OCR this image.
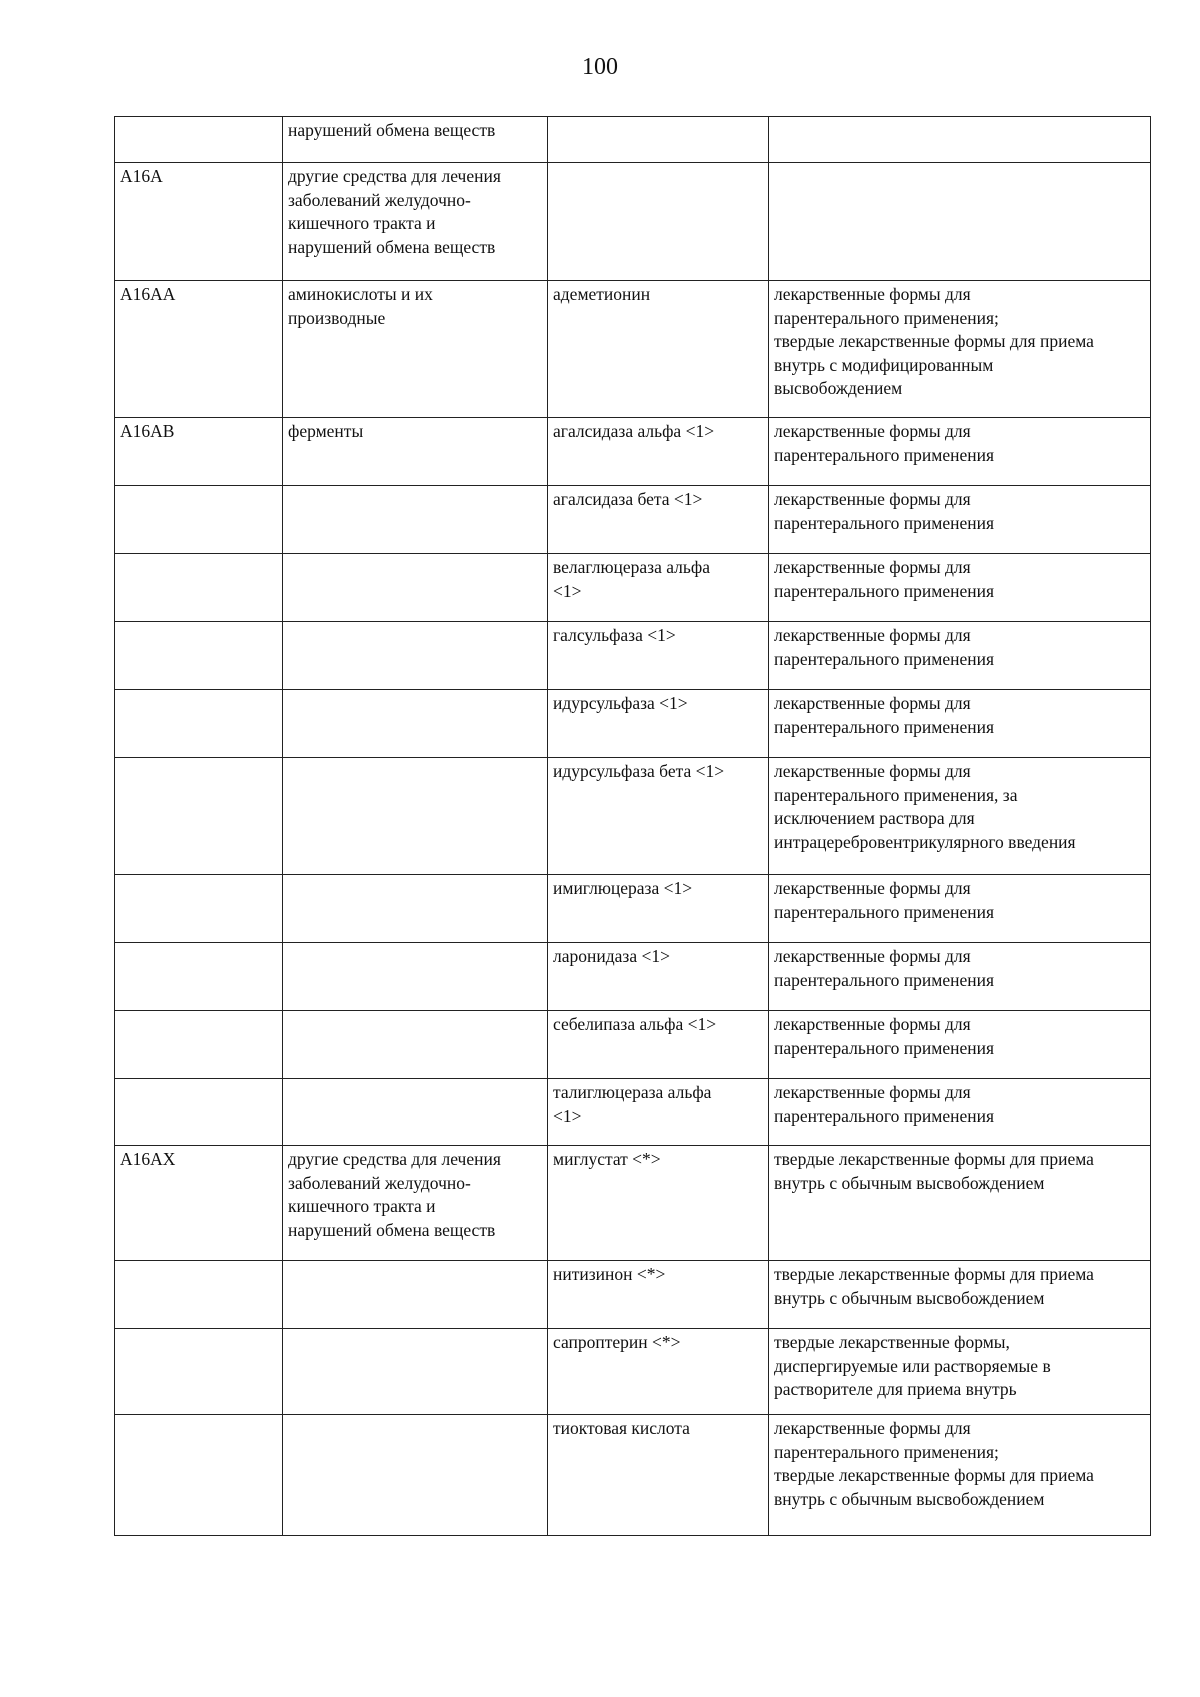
100

	нарушений обмена веществ		

A16A	другие средства для лечения
заболеваний желудочно-
кишечного тракта и
нарушений обмена веществ		

A16AA	аминокислоты и их
производные	адеметионин	лекарственные формы для
парентерального применения;
твердые лекарственные формы для приема
внутрь с модифицированным
высвобождением

A16AB	ферменты	агалсидаза альфа <1>	лекарственные формы для
парентерального применения

		агалсидаза бета <1>	лекарственные формы для
парентерального применения

		велаглюцераза альфа
<1>	лекарственные формы для
парентерального применения

		галсульфаза <1>	лекарственные формы для
парентерального применения

		идурсульфаза <1>	лекарственные формы для
парентерального применения

		идурсульфаза бета <1>	лекарственные формы для
парентерального применения, за
исключением раствора для
интрацеребровентрикулярного введения

		имиглюцераза <1>	лекарственные формы для
парентерального применения

		ларонидаза <1>	лекарственные формы для
парентерального применения

		себелипаза альфа <1>	лекарственные формы для
парентерального применения

		талиглюцераза альфа
<1>	лекарственные формы для
парентерального применения

A16AX	другие средства для лечения
заболеваний желудочно-
кишечного тракта и
нарушений обмена веществ	миглустат <*>	твердые лекарственные формы для приема
внутрь с обычным высвобождением

		нитизинон <*>	твердые лекарственные формы для приема
внутрь с обычным высвобождением

		сапроптерин <*>	твердые лекарственные формы,
диспергируемые или растворяемые в
растворителе для приема внутрь

		тиоктовая кислота	лекарственные формы для
парентерального применения;
твердые лекарственные формы для приема
внутрь с обычным высвобождением
